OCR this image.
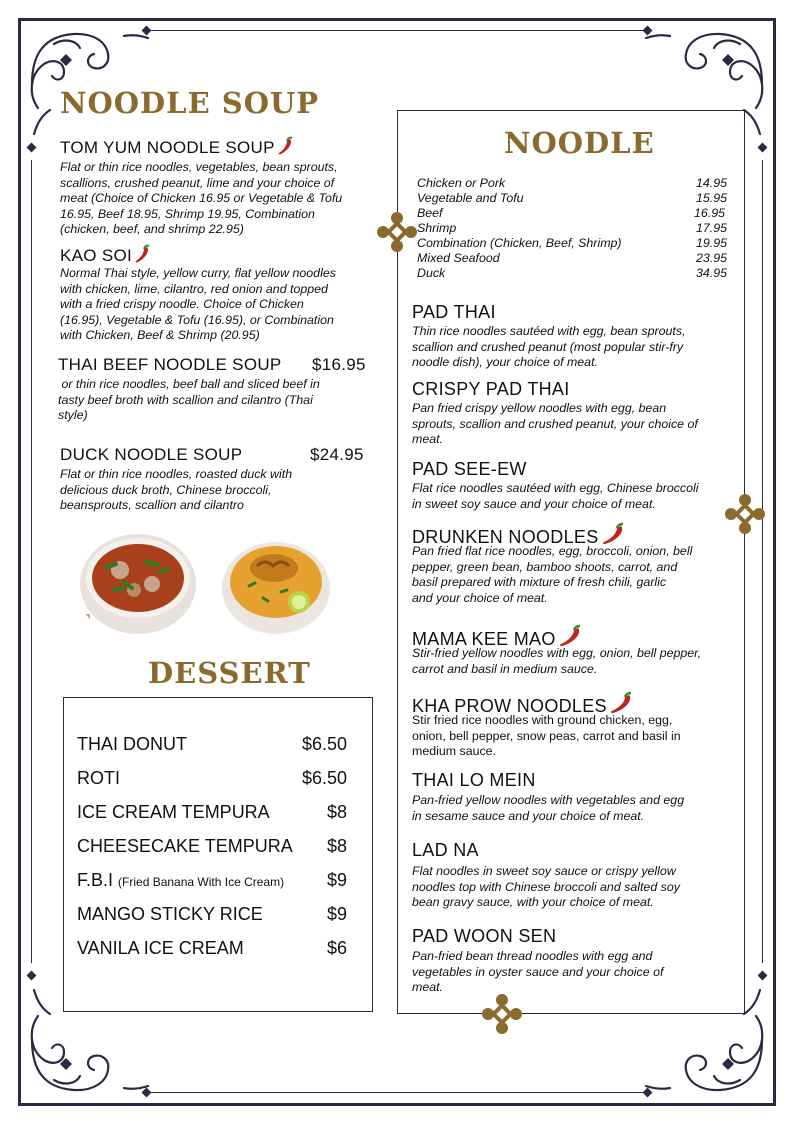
NOODLE SOUP
TOM YUM NOODLE SOUP
Flat or thin rice noodles, vegetables, bean sprouts,
scallions, crushed peanut, lime and your choice of
meat (Choice of Chicken 16.95 or Vegetable & Tofu
16.95, Beef 18.95, Shrimp 19.95, Combination
(chicken, beef, and shrimp 22.95)
KAO SOI
Normal Thai style, yellow curry, flat yellow noodles
with chicken, lime, cilantro, red onion and topped
with a fried crispy noodle. Choice of Chicken
(16.95), Vegetable & Tofu (16.95), or Combination
with Chicken, Beef & Shrimp (20.95)
THAI BEEF NOODLE SOUP $16.95
or thin rice noodles, beef ball and sliced beef in
tasty beef broth with scallion and cilantro (Thai
style)
DUCK NOODLE SOUP	$24.95
Flat or thin rice noodles, roasted duck with
delicious duck broth, Chinese broccoli,
beansprouts, scallion and cilantro
DESSERT
THAI DONUT	$6.50
ROTI	$6.50
ICE CREAM TEMPURA	$8
CHEESECAKE TEMPURA $8
F.B.I (Fried Banana With Ice Cream) $9
MANGO STICKY RICE	$9
VANILA ICE CREAM	$6
NOODLE
Chicken or Pork	14.95
Vegetable and Tofu	15.95
Beef	16.95
Shrimp	17.95
Combination (Chicken, Beef, Shrimp)	19.95
Mixed Seafood	23.95
Duck	34.95
PAD THAI
Thin rice noodles sautéed with egg, bean sprouts,
scallion and crushed peanut (most popular stir-fry
noodle dish), your choice of meat.
CRISPY PAD THAI
Pan fried crispy yellow noodles with egg, bean
sprouts, scallion and crushed peanut, your choice of
meat.
PAD SEE-EW
Flat rice noodles sautéed with egg, Chinese broccoli
in sweet soy sauce and your choice of meat.
DRUNKEN NOODLES
Pan fried flat rice noodles, egg, broccoli, onion, bell
pepper, green bean, bamboo shoots, carrot, and
basil prepared with mixture of fresh chili, garlic
and your choice of meat.
MAMA KEE MAO
Stir-fried yellow noodles with egg, onion, bell pepper,
carrot and basil in medium sauce.
KHA PROW NOODLES
Stir fried rice noodles with ground chicken, egg,
onion, bell pepper, snow peas, carrot and basil in
medium sauce.
THAI LO MEIN
Pan-fried yellow noodles with vegetables and egg
in sesame sauce and your choice of meat.
LAD NA
Flat noodles in sweet soy sauce or crispy yellow
noodles top with Chinese broccoli and salted soy
bean gravy sauce, with your choice of meat.
PAD WOON SEN
Pan-fried bean thread noodles with egg and
vegetables in oyster sauce and your choice of
meat.
